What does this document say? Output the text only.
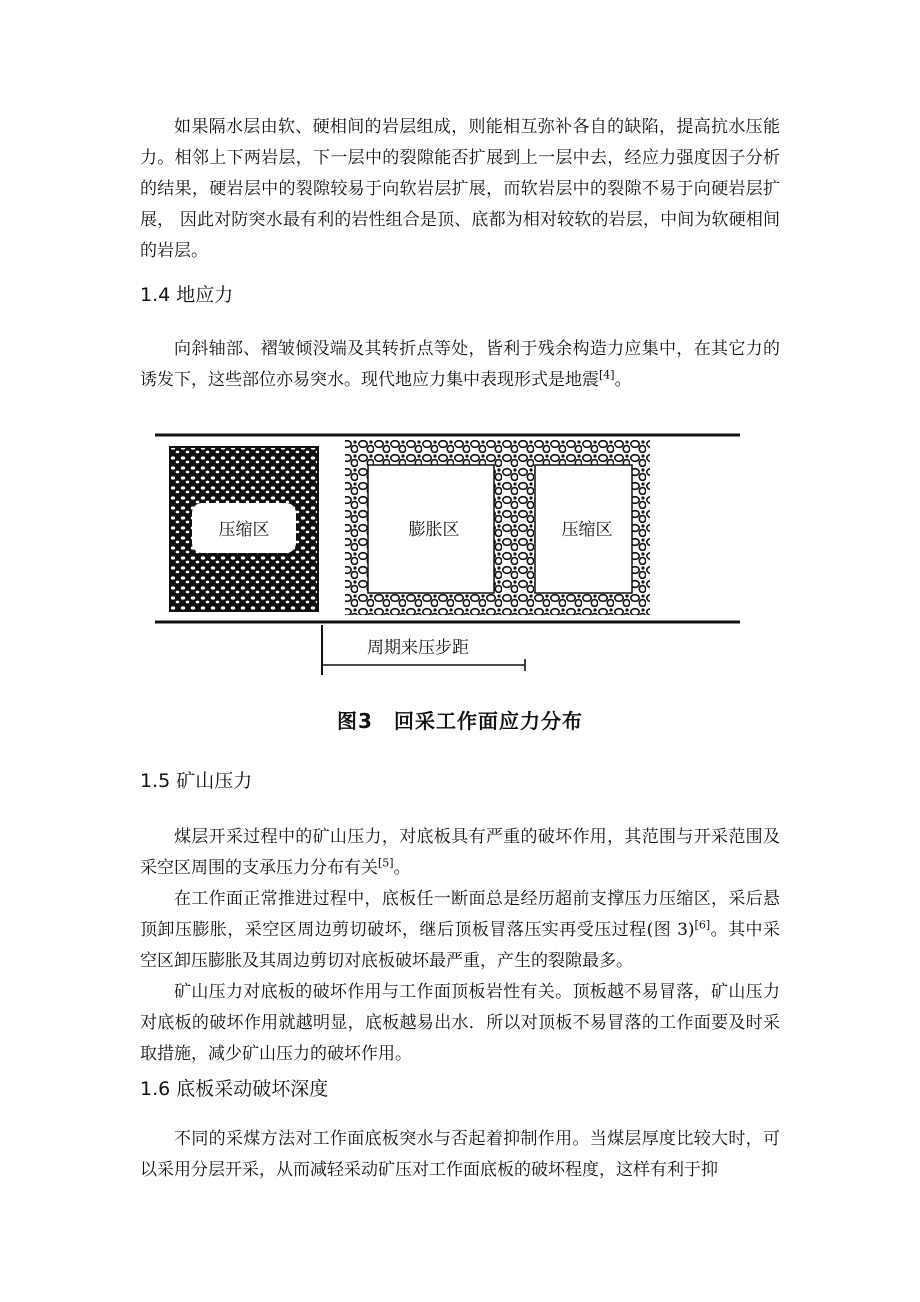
如果隔水层由软、硬相间的岩层组成，则能相互弥补各自的缺陷，提高抗水压能力。相邻上下两岩层，下一层中的裂隙能否扩展到上一层中去，经应力强度因子分析的结果，硬岩层中的裂隙较易于向软岩层扩展，而软岩层中的裂隙不易于向硬岩层扩展， 因此对防突水最有利的岩性组合是顶、底都为相对较软的岩层，中间为软硬相间的岩层。

1.4 地应力

向斜轴部、褶皱倾没端及其转折点等处，皆利于残余构造力应集中，在其它力的诱发下，这些部位亦易突水。现代地应力集中表现形式是地震[4]。

压缩区	膨胀区	压缩区
周期来压步距
图3　回采工作面应力分布
1.5 矿山压力

煤层开采过程中的矿山压力，对底板具有严重的破坏作用，其范围与开采范围及采空区周围的支承压力分布有关[5]。

在工作面正常推进过程中，底板任一断面总是经历超前支撑压力压缩区，采后悬顶卸压膨胀，采空区周边剪切破坏，继后顶板冒落压实再受压过程(图 3)[6]。其中采空区卸压膨胀及其周边剪切对底板破坏最严重，产生的裂隙最多。

矿山压力对底板的破坏作用与工作面顶板岩性有关。顶板越不易冒落，矿山压力对底板的破坏作用就越明显，底板越易出水．所以对顶板不易冒落的工作面要及时采取措施，减少矿山压力的破坏作用。

1.6 底板采动破坏深度

不同的采煤方法对工作面底板突水与否起着抑制作用。当煤层厚度比较大时，可以采用分层开采，从而减轻采动矿压对工作面底板的破坏程度，这样有利于抑
